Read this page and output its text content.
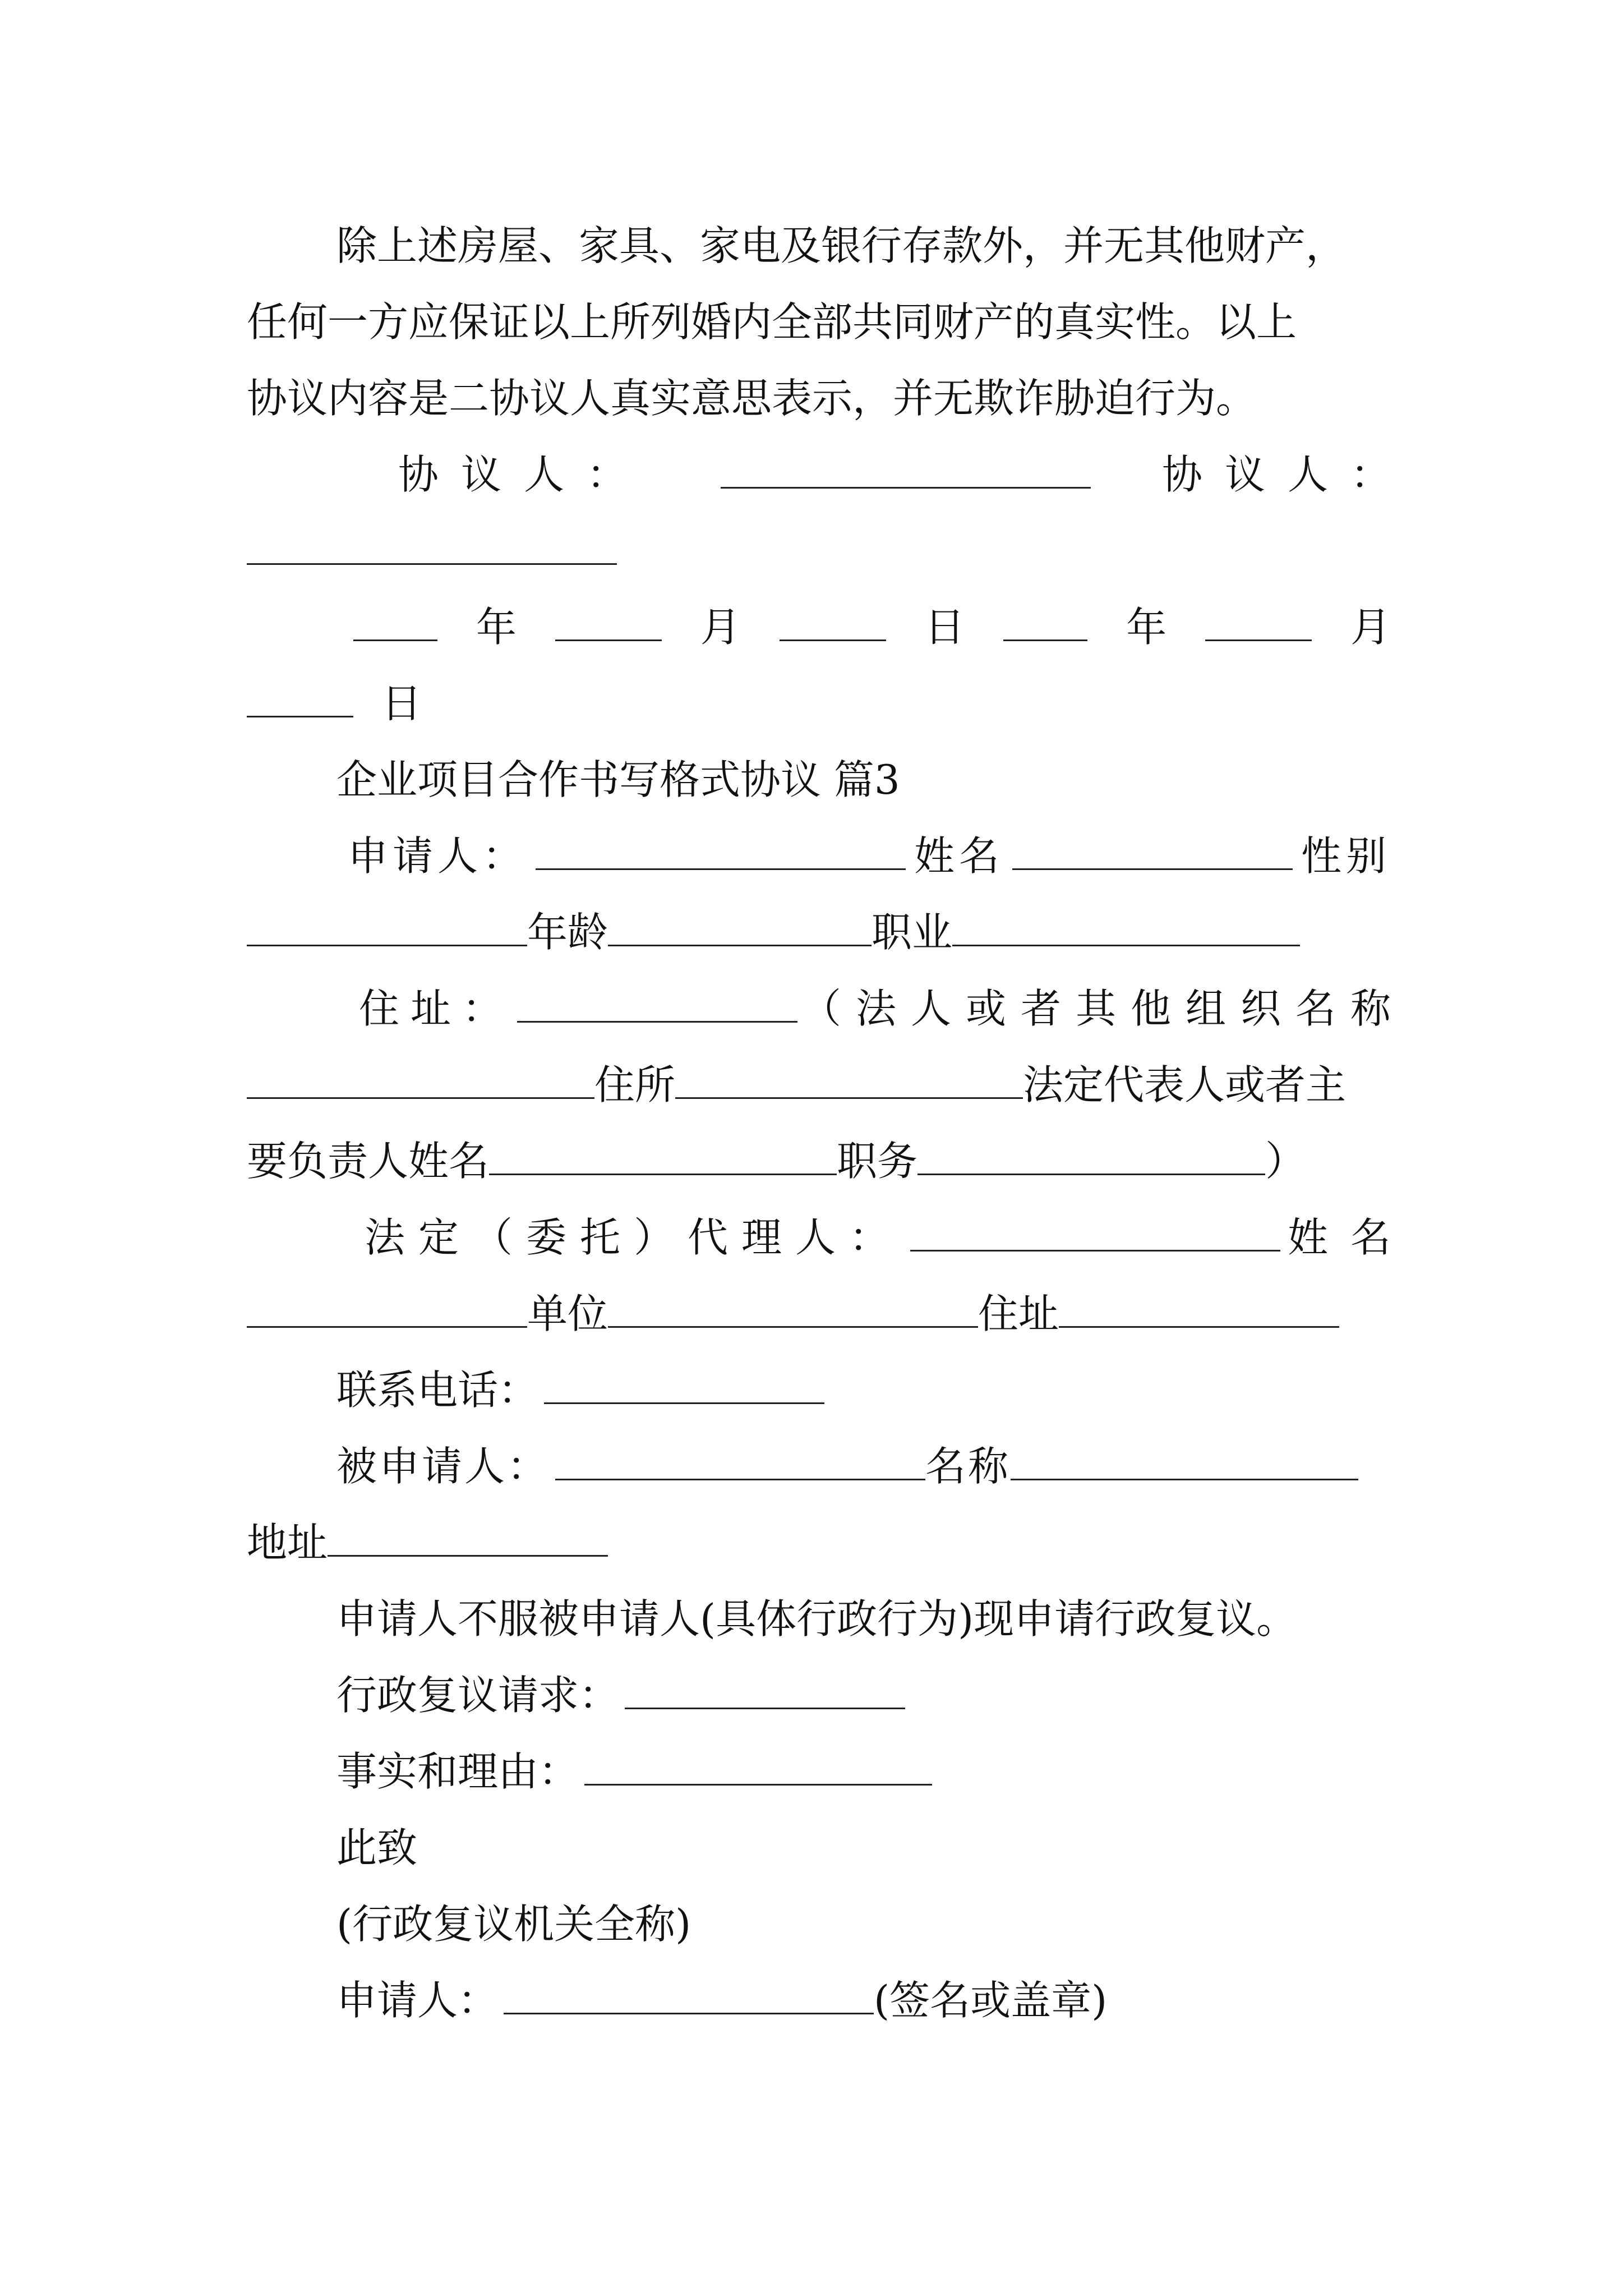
除上述房屋、家具、家电及银行存款外，并无其他财产，
任何一方应保证以上所列婚内全部共同财产的真实性。以上
协议内容是二协议人真实意思表示，并无欺诈胁迫行为。
协议人：	协议人：
年	月	日	年	月
日
企业项目合作书写格式协议 篇3
申请人：	姓名	性别
年龄	职业
住址：	（法人或者其他组织名称
住所	法定代表人或者主
要负责人姓名	职务	）
法定（委托）代理人：	姓名
单位	住址
联系电话：
被申请人：	名称
地址
申请人不服被申请人(具体行政行为)现申请行政复议。
行政复议请求：
事实和理由：
此致
(行政复议机关全称)
申请人：	(签名或盖章)
